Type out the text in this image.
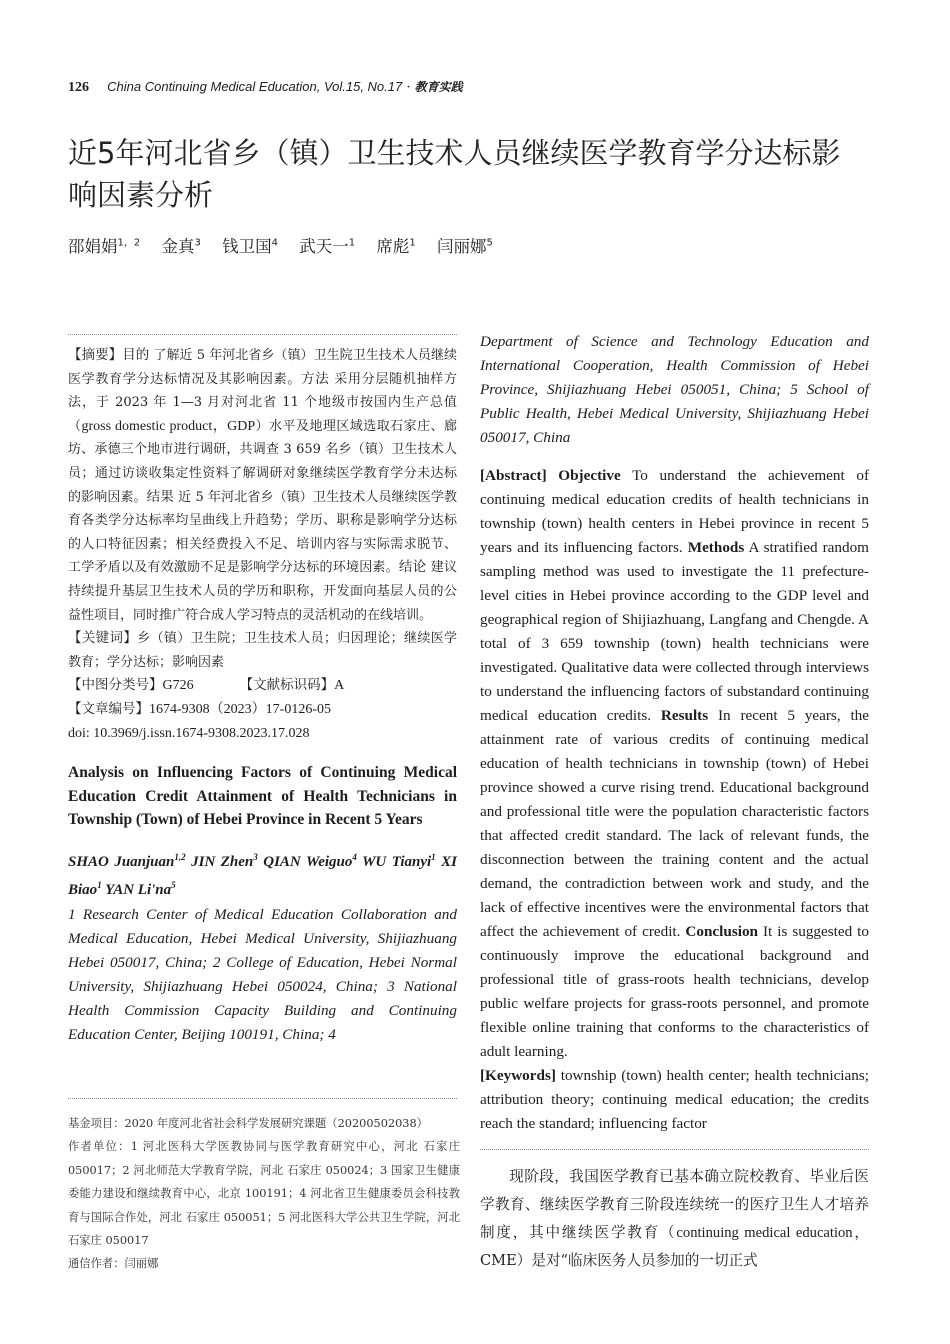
126 China Continuing Medical Education, Vol.15, No.17 · 教育实践
近5年河北省乡（镇）卫生技术人员继续医学教育学分达标影响因素分析
邵娟娟$^{1,2}$ 金真$^3$ 钱卫国$^4$ 武天一$^1$ 席彪$^1$ 闫丽娜$^5$

【摘要】目的 了解近 5 年河北省乡（镇）卫生院卫生技术人员继续医学教育学分达标情况及其影响因素。方法 采用分层随机抽样方法，于 2023 年 1—3 月对河北省 11 个地级市按国内生产总值（gross domestic product，GDP）水平及地理区域选取石家庄、廊坊、承德三个地市进行调研，共调查 3 659 名乡（镇）卫生技术人员；通过访谈收集定性资料了解调研对象继续医学教育学分未达标的影响因素。结果 近 5 年河北省乡（镇）卫生技术人员继续医学教育各类学分达标率均呈曲线上升趋势；学历、职称是影响学分达标的人口特征因素；相关经费投入不足、培训内容与实际需求脱节、工学矛盾以及有效激励不足是影响学分达标的环境因素。结论 建议持续提升基层卫生技术人员的学历和职称，开发面向基层人员的公益性项目，同时推广符合成人学习特点的灵活机动的在线培训。

【关键词】乡（镇）卫生院；卫生技术人员；归因理论；继续医学教育；学分达标；影响因素

【中图分类号】G726	【文献标识码】A

【文章编号】1674-9308（2023）17-0126-05

doi: 10.3969/j.issn.1674-9308.2023.17.028

Analysis on Influencing Factors of Continuing Medical Education Credit Attainment of Health Technicians in Township (Town) of Hebei Province in Recent 5 Years

SHAO Juanjuan$^{1,2}$ JIN Zhen$^3$ QIAN Weiguo$^4$ WU Tianyi$^1$ XI Biao$^1$ YAN $Li'na^5$

1 Research Center of Medical Education Collaboration and Medical Education, Hebei Medical University, Shijiazhuang Hebei 050017, China; 2 College of Education, Hebei Normal University, Shijiazhuang Hebei 050024, China; 3 National Health Commission Capacity Building and Continuing Education Center, Beijing 100191, China; 4

基金项目：2020 年度河北省社会科学发展研究课题（20200502038）

作者单位：1 河北医科大学医教协同与医学教育研究中心，河北 石家庄 050017；2 河北师范大学教育学院，河北 石家庄 050024；3 国家卫生健康委能力建设和继续教育中心，北京 100191；4 河北省卫生健康委员会科技教育与国际合作处，河北 石家庄 050051；5 河北医科大学公共卫生学院，河北 石家庄 050017

通信作者：闫丽娜

Department of Science and Technology Education and International Cooperation, Health Commission of Hebei Province, Shijiazhuang Hebei 050051, China; 5 School of Public Health, Hebei Medical University, Shijiazhuang Hebei 050017, China

[Abstract] Objective To understand the achievement of continuing medical education credits of health technicians in township (town) health centers in Hebei province in recent 5 years and its influencing factors. Methods A stratified random sampling method was used to investigate the 11 prefecture-level cities in Hebei province according to the GDP level and geographical region of Shijiazhuang, Langfang and Chengde. A total of 3 659 township (town) health technicians were investigated. Qualitative data were collected through interviews to understand the influencing factors of substandard continuing medical education credits. Results In recent 5 years, the attainment rate of various credits of continuing medical education of health technicians in township (town) of Hebei province showed a curve rising trend. Educational background and professional title were the population characteristic factors that affected credit standard. The lack of relevant funds, the disconnection between the training content and the actual demand, the contradiction between work and study, and the lack of effective incentives were the environmental factors that affect the achievement of credit. Conclusion It is suggested to continuously improve the educational background and professional title of grass-roots health technicians, develop public welfare projects for grass-roots personnel, and promote flexible online training that conforms to the characteristics of adult learning.

[Keywords] township (town) health center; health technicians; attribution theory; continuing medical education; the credits reach the standard; influencing factor

现阶段，我国医学教育已基本确立院校教育、毕业后医学教育、继续医学教育三阶段连续统一的医疗卫生人才培养制度，其中继续医学教育（continuing medical education，CME）是对“临床医务人员参加的一切正式
